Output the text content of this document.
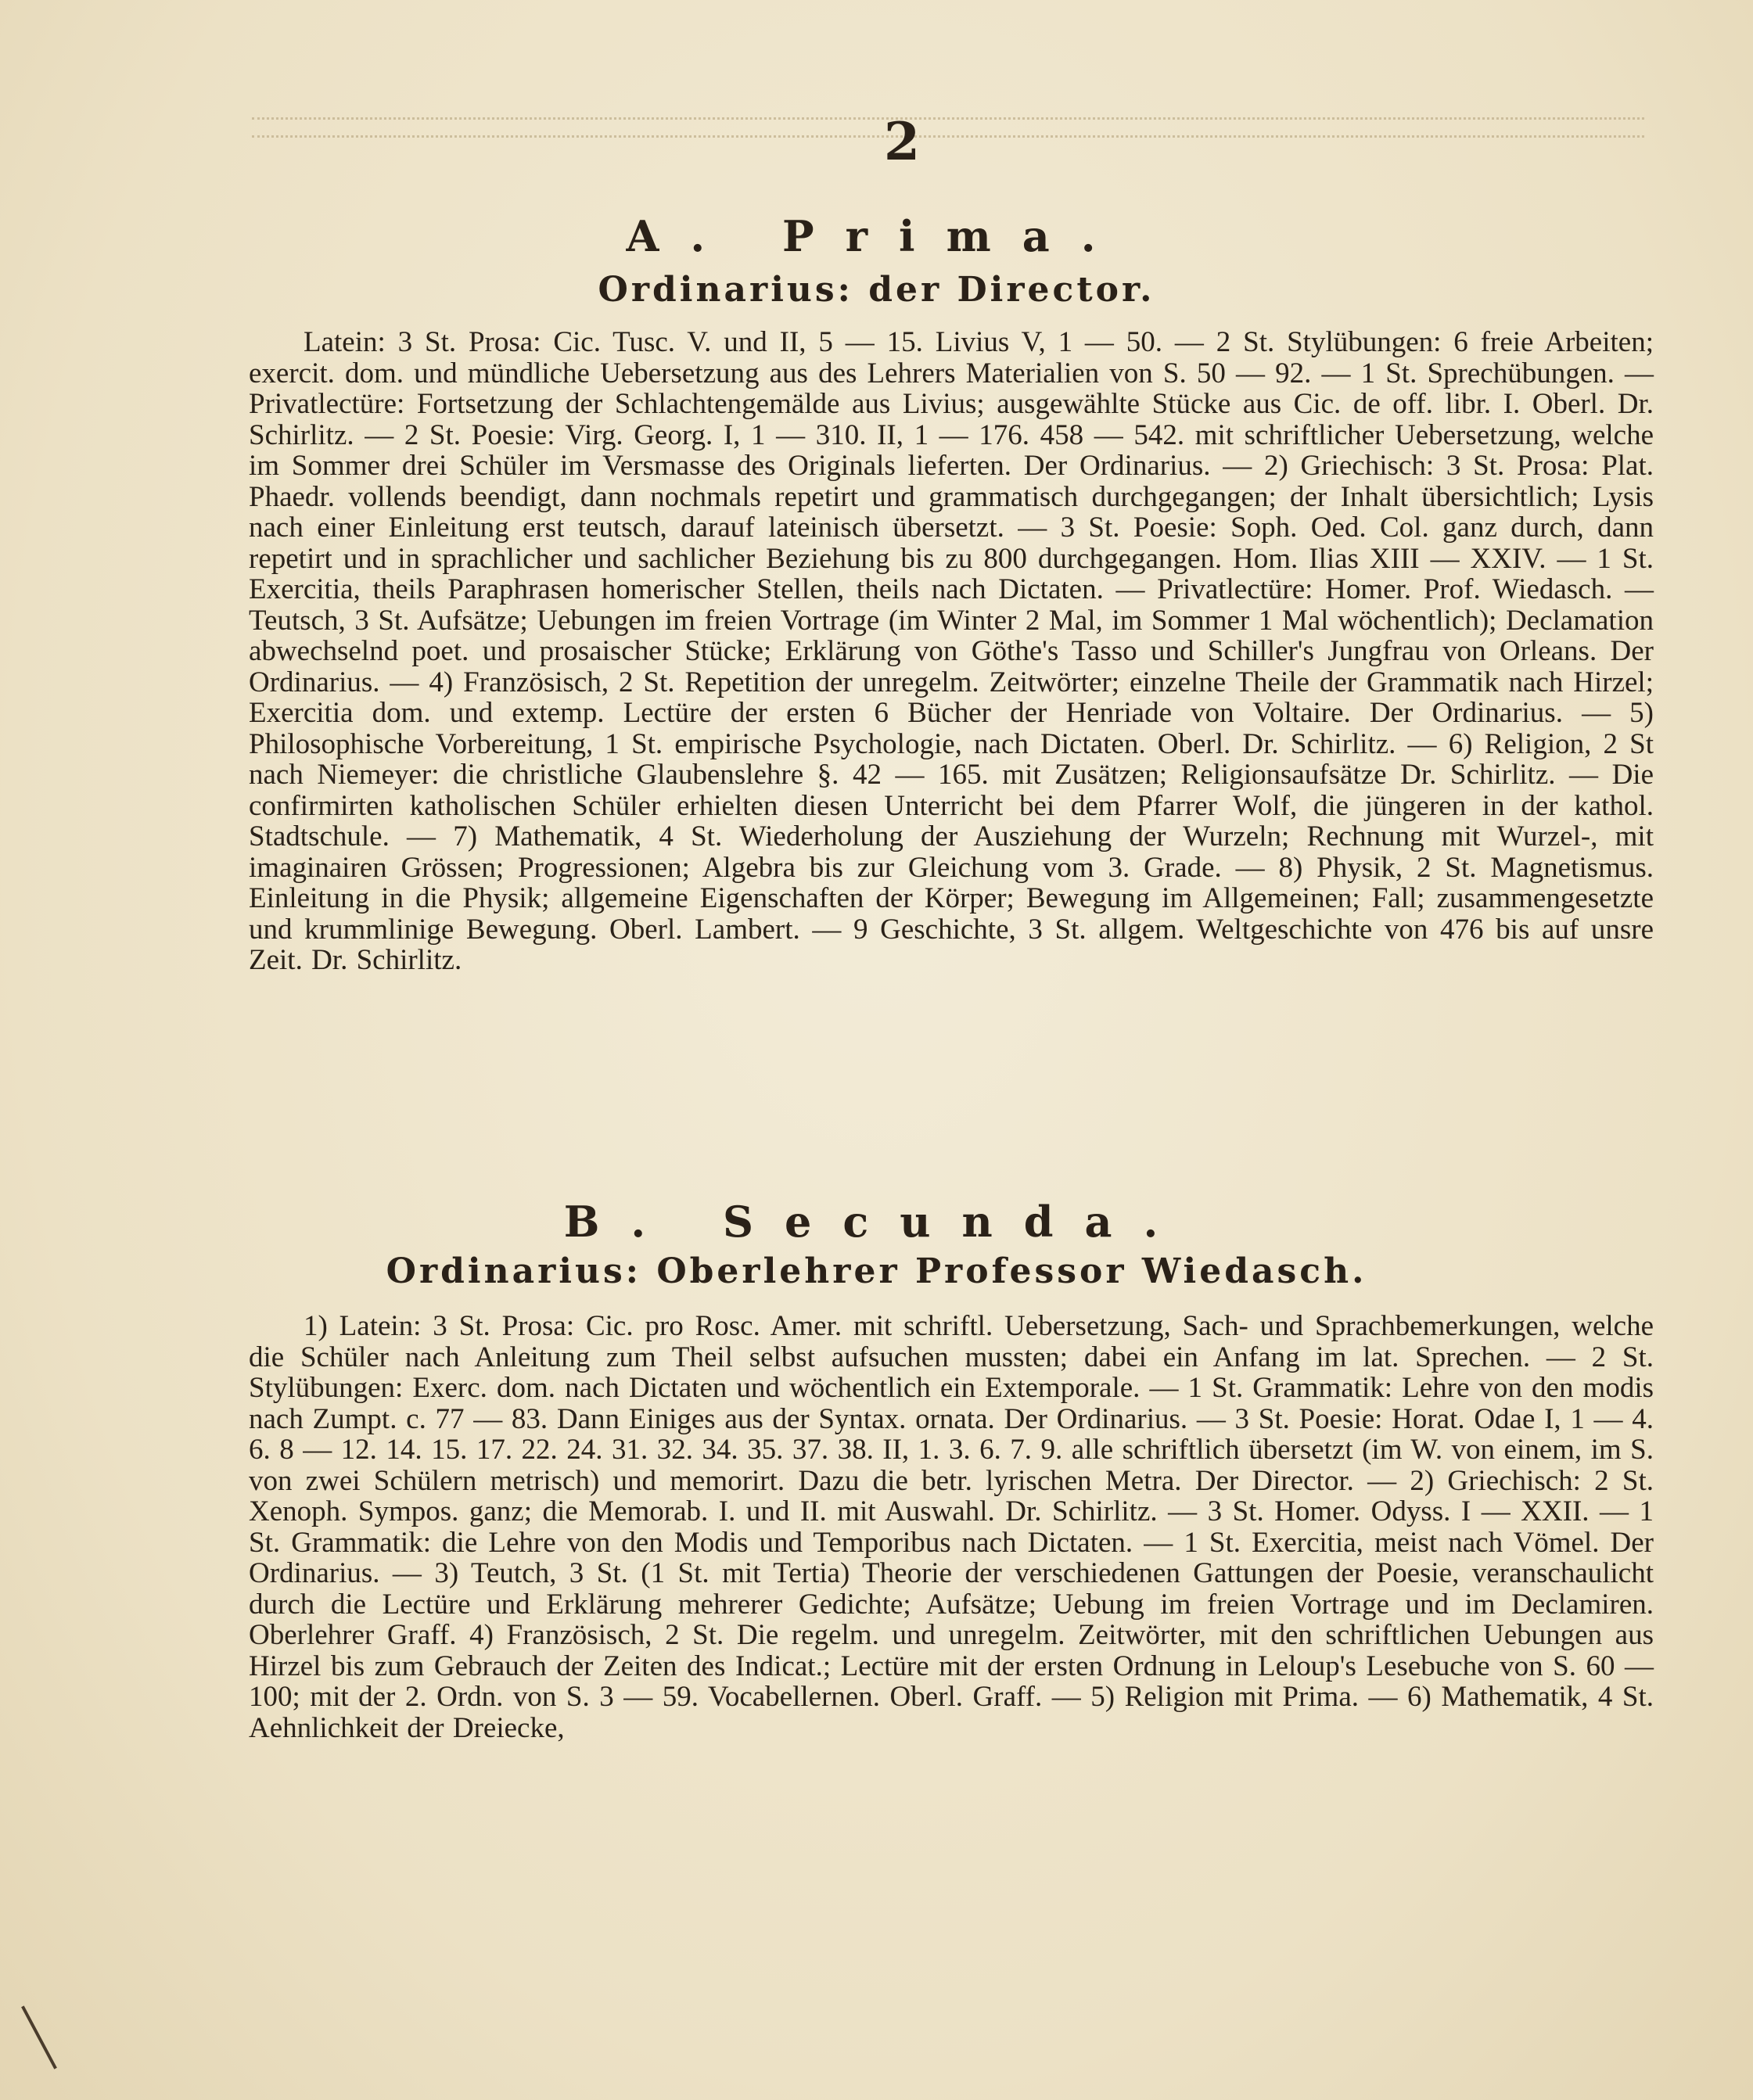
2
A. Prima.
Ordinarius: der Director.

Latein: 3 St. Prosa: Cic. Tusc. V. und II, 5 — 15. Livius V, 1 — 50. — 2 St. Stylübungen: 6 freie Arbeiten; exercit. dom. und mündliche Uebersetzung aus des Lehrers Materialien von S. 50 — 92. — 1 St. Sprechübungen. — Privatlectüre: Fortsetzung der Schlachtengemälde aus Livius; ausgewählte Stücke aus Cic. de off. libr. I. Oberl. Dr. Schirlitz. — 2 St. Poesie: Virg. Georg. I, 1 — 310. II, 1 — 176. 458 — 542. mit schriftlicher Uebersetzung, welche im Sommer drei Schüler im Versmasse des Originals lieferten. Der Ordinarius. — 2) Griechisch: 3 St. Prosa: Plat. Phaedr. vollends beendigt, dann nochmals repetirt und grammatisch durchgegangen; der Inhalt übersichtlich; Lysis nach einer Einleitung erst teutsch, darauf lateinisch übersetzt. — 3 St. Poesie: Soph. Oed. Col. ganz durch, dann repetirt und in sprachlicher und sachlicher Beziehung bis zu 800 durchgegangen. Hom. Ilias XIII — XXIV. — 1 St. Exercitia, theils Paraphrasen homerischer Stellen, theils nach Dictaten. — Privatlectüre: Homer. Prof. Wiedasch. — Teutsch, 3 St. Aufsätze; Uebungen im freien Vortrage (im Winter 2 Mal, im Sommer 1 Mal wöchentlich); Declamation abwechselnd poet. und prosaischer Stücke; Erklärung von Göthe's Tasso und Schiller's Jungfrau von Orleans. Der Ordinarius. — 4) Französisch, 2 St. Repetition der unregelm. Zeitwörter; einzelne Theile der Grammatik nach Hirzel; Exercitia dom. und extemp. Lectüre der ersten 6 Bücher der Henriade von Voltaire. Der Ordinarius. — 5) Philosophische Vorbereitung, 1 St. empirische Psychologie, nach Dictaten. Oberl. Dr. Schirlitz. — 6) Religion, 2 St nach Niemeyer: die christliche Glaubenslehre §. 42 — 165. mit Zusätzen; Religionsaufsätze Dr. Schirlitz. — Die confirmirten katholischen Schüler erhielten diesen Unterricht bei dem Pfarrer Wolf, die jüngeren in der kathol. Stadtschule. — 7) Mathematik, 4 St. Wiederholung der Ausziehung der Wurzeln; Rechnung mit Wurzel-, mit imaginairen Grössen; Progressionen; Algebra bis zur Gleichung vom 3. Grade. — 8) Physik, 2 St. Magnetismus. Einleitung in die Physik; allgemeine Eigenschaften der Körper; Bewegung im Allgemeinen; Fall; zusammengesetzte und krummlinige Bewegung. Oberl. Lambert. — 9 Geschichte, 3 St. allgem. Weltgeschichte von 476 bis auf unsre Zeit. Dr. Schirlitz.

B. Secunda.
Ordinarius: Oberlehrer Professor Wiedasch.

1) Latein: 3 St. Prosa: Cic. pro Rosc. Amer. mit schriftl. Uebersetzung, Sach- und Sprachbemerkungen, welche die Schüler nach Anleitung zum Theil selbst aufsuchen mussten; dabei ein Anfang im lat. Sprechen. — 2 St. Stylübungen: Exerc. dom. nach Dictaten und wöchentlich ein Extemporale. — 1 St. Grammatik: Lehre von den modis nach Zumpt. c. 77 — 83. Dann Einiges aus der Syntax. ornata. Der Ordinarius. — 3 St. Poesie: Horat. Odae I, 1 — 4. 6. 8 — 12. 14. 15. 17. 22. 24. 31. 32. 34. 35. 37. 38. II, 1. 3. 6. 7. 9. alle schriftlich übersetzt (im W. von einem, im S. von zwei Schülern metrisch) und memorirt. Dazu die betr. lyrischen Metra. Der Director. — 2) Griechisch: 2 St. Xenoph. Sympos. ganz; die Memorab. I. und II. mit Auswahl. Dr. Schirlitz. — 3 St. Homer. Odyss. I — XXII. — 1 St. Grammatik: die Lehre von den Modis und Temporibus nach Dictaten. — 1 St. Exercitia, meist nach Vömel. Der Ordinarius. — 3) Teutch, 3 St. (1 St. mit Tertia) Theorie der verschiedenen Gattungen der Poesie, veranschaulicht durch die Lectüre und Erklärung mehrerer Gedichte; Aufsätze; Uebung im freien Vortrage und im Declamiren. Oberlehrer Graff. 4) Französisch, 2 St. Die regelm. und unregelm. Zeitwörter, mit den schriftlichen Uebungen aus Hirzel bis zum Gebrauch der Zeiten des Indicat.; Lectüre mit der ersten Ordnung in Leloup's Lesebuche von S. 60 — 100; mit der 2. Ordn. von S. 3 — 59. Vocabellernen. Oberl. Graff. — 5) Religion mit Prima. — 6) Mathematik, 4 St. Aehnlichkeit der Dreiecke,
